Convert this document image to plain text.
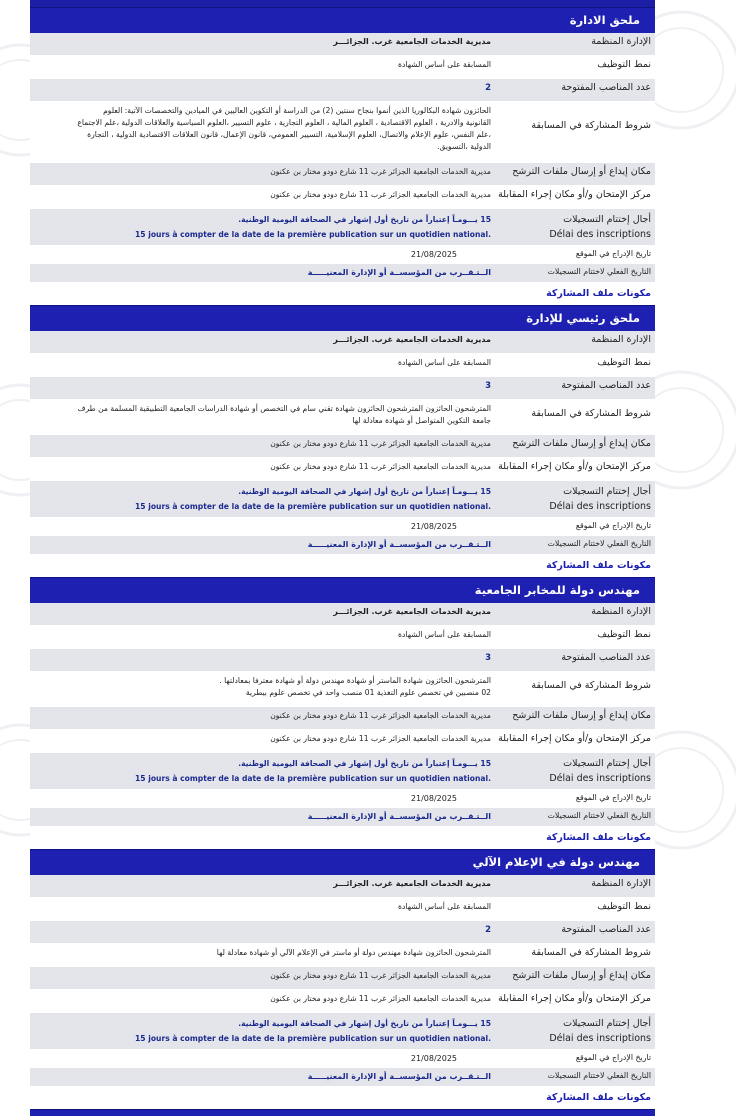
ملحق الادارة
الإدارة المنظمة
مديرية الخدمات الجامعية غرب. الجزائـــر
نمط التوظيف
المسابقة على أساس الشهادة
عدد المناصب المفتوحة
2
شروط المشاركة في المسابقة
الحائزون شهادة البكالوريا الذين أنموا بنجاح سنتين (2) من الدراسة أو التكوين العاليين في الميادين والتخصصات الآتية: العلوم
القانونية والادرية ، العلوم الاقتصادية ، العلوم المالية ، العلوم التجارية ، علوم التسيير ،العلوم السياسية والعلاقات الدولية ،علم الاجتماع
،علم النفس، علوم الإعلام والاتصال، العلوم الإسلامية، التسيير العمومي، قانون الإعمال، قانون العلاقات الاقتصادية الدولية ، التجارة
الدولية ،التسويق.
مكان إيداع أو إرسال ملفات الترشح
مديرية الخدمات الجامعية الجزائر غرب 11 شارع دودو مختار بن عكنون
مركز الإمتحان و/أو مكان إجراء المقابلة
مديرية الخدمات الجامعية الجزائر غرب 11 شارع دودو مختار بن عكنون
أجال إختتام التسجيلات
Délai des inscriptions
15 يـــومـاً إعتباراً من تاريخ أول إشهار في الصحافة اليومية الوطنية.
15 jours à compter de la date de la première publication sur un quotidien national.
تاريخ الإدراج في الموقع
21/08/2025
التاريخ الفعلي لاختتام التسجيلات
الــتـقــرب من المؤسســة أو الإدارة المعنيـــــة
مكونات ملف المشاركة
ملحق رئيسي للإدارة
الإدارة المنظمة
مديرية الخدمات الجامعية غرب. الجزائـــر
نمط التوظيف
المسابقة على أساس الشهادة
عدد المناصب المفتوحة
3
شروط المشاركة في المسابقة
المترشحون الحائزون المترشحون الحائزون شهادة تقني سام في التخصص أو شهادة الدراسات الجامعية التطبيقية المسلمة من طرف
جامعة التكوين المتواصل أو شهادة معادلة لها
مكان إيداع أو إرسال ملفات الترشح
مديرية الخدمات الجامعية الجزائر غرب 11 شارع دودو مختار بن عكنون
مركز الإمتحان و/أو مكان إجراء المقابلة
مديرية الخدمات الجامعية الجزائر غرب 11 شارع دودو مختار بن عكنون
أجال إختتام التسجيلات
Délai des inscriptions
15 يـــومـاً إعتباراً من تاريخ أول إشهار في الصحافة اليومية الوطنية.
15 jours à compter de la date de la première publication sur un quotidien national.
تاريخ الإدراج في الموقع
21/08/2025
التاريخ الفعلي لاختتام التسجيلات
الــتـقــرب من المؤسســة أو الإدارة المعنيـــــة
مكونات ملف المشاركة
مهندس دولة للمخابر الجامعية
الإدارة المنظمة
مديرية الخدمات الجامعية غرب. الجزائـــر
نمط التوظيف
المسابقة على أساس الشهادة
عدد المناصب المفتوحة
3
شروط المشاركة في المسابقة
المترشحون الحائزون شهادة الماستر أو شهادة مهندس دولة أو شهادة معترفا بمعادلتها .
02 منصبين في تخصص علوم التغذية 01 منصب واحد في تخصص علوم بيطرية
مكان إيداع أو إرسال ملفات الترشح
مديرية الخدمات الجامعية الجزائر غرب 11 شارع دودو مختار بن عكنون
مركز الإمتحان و/أو مكان إجراء المقابلة
مديرية الخدمات الجامعية الجزائر غرب 11 شارع دودو مختار بن عكنون
أجال إختتام التسجيلات
Délai des inscriptions
15 يـــومـاً إعتباراً من تاريخ أول إشهار في الصحافة اليومية الوطنية.
15 jours à compter de la date de la première publication sur un quotidien national.
تاريخ الإدراج في الموقع
21/08/2025
التاريخ الفعلي لاختتام التسجيلات
الــتـقــرب من المؤسســة أو الإدارة المعنيـــــة
مكونات ملف المشاركة
مهندس دولة في الإعلام الآلي
الإدارة المنظمة
مديرية الخدمات الجامعية غرب. الجزائـــر
نمط التوظيف
المسابقة على أساس الشهادة
عدد المناصب المفتوحة
2
شروط المشاركة في المسابقة
المترشحون الحائزون شهادة مهندس دولة أو ماستر في الإعلام الآلي أو شهادة معادلة لها
مكان إيداع أو إرسال ملفات الترشح
مديرية الخدمات الجامعية الجزائر غرب 11 شارع دودو مختار بن عكنون
مركز الإمتحان و/أو مكان إجراء المقابلة
مديرية الخدمات الجامعية الجزائر غرب 11 شارع دودو مختار بن عكنون
أجال إختتام التسجيلات
Délai des inscriptions
15 يـــومـاً إعتباراً من تاريخ أول إشهار في الصحافة اليومية الوطنية.
15 jours à compter de la date de la première publication sur un quotidien national.
تاريخ الإدراج في الموقع
21/08/2025
التاريخ الفعلي لاختتام التسجيلات
الــتـقــرب من المؤسســة أو الإدارة المعنيـــــة
مكونات ملف المشاركة
